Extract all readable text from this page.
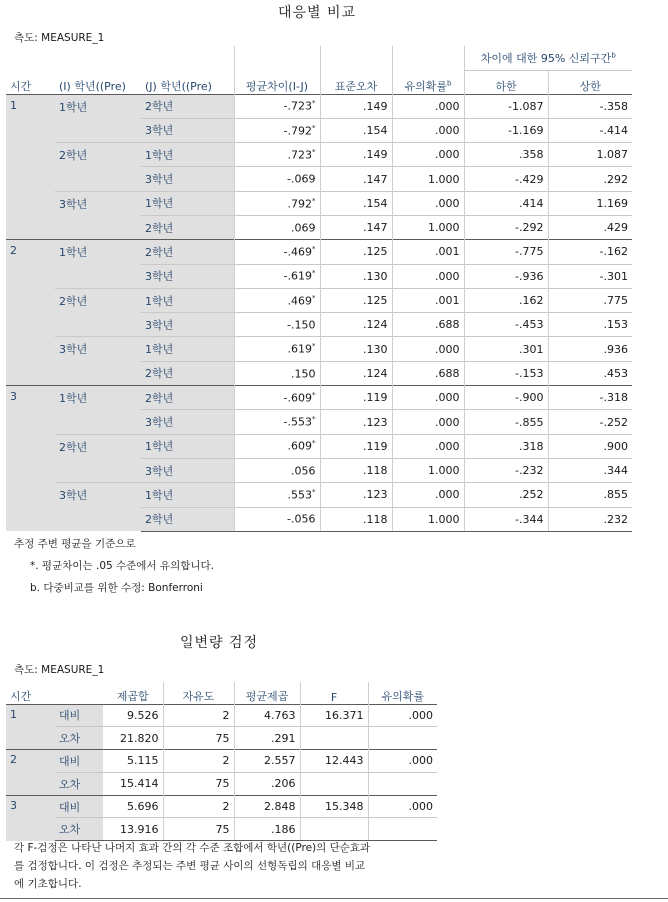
대응별 비교
측도: MEASURE_1
						차이에 대한 95% 신뢰구간$^b$
시간	(I) 학년((Pre)	(J) 학년((Pre)	평균차이(I-J)	표준오차	유의확률$^b$	하한	상한
1	1학년	2학년	-.723*	.149	.000	-1.087	-.358
		3학년	-.792*	.154	.000	-1.169	-.414
	2학년	1학년	.723*	.149	.000	.358	1.087
		3학년	-.069	.147	1.000	-.429	.292
	3학년	1학년	.792*	.154	.000	.414	1.169
		2학년	.069	.147	1.000	-.292	.429
2	1학년	2학년	-.469*	.125	.001	-.775	-.162
		3학년	-.619*	.130	.000	-.936	-.301
	2학년	1학년	.469*	.125	.001	.162	.775
		3학년	-.150	.124	.688	-.453	.153
	3학년	1학년	.619*	.130	.000	.301	.936
		2학년	.150	.124	.688	-.153	.453
3	1학년	2학년	-.609*	.119	.000	-.900	-.318
		3학년	-.553*	.123	.000	-.855	-.252
	2학년	1학년	.609*	.119	.000	.318	.900
		3학년	.056	.118	1.000	-.232	.344
	3학년	1학년	.553*	.123	.000	.252	.855
		2학년	-.056	.118	1.000	-.344	.232
추정 주변 평균을 기준으로
*. 평균차이는 .05 수준에서 유의합니다.
b. 다중비교를 위한 수정: Bonferroni
일변량 검정
측도: MEASURE_1
시간		제곱합	자유도	평균제곱	F	유의확률
1	대비	9.526	2	4.763	16.371	.000
	오차	21.820	75	.291		
2	대비	5.115	2	2.557	12.443	.000
	오차	15.414	75	.206		
3	대비	5.696	2	2.848	15.348	.000
	오차	13.916	75	.186		
각 F-검정은 나타난 나머지 효과 간의 각 수준 조합에서 학년((Pre)의 단순효과
를 검정합니다. 이 검정은 추정되는 주변 평균 사이의 선형독립의 대응별 비교
에 기초합니다.
